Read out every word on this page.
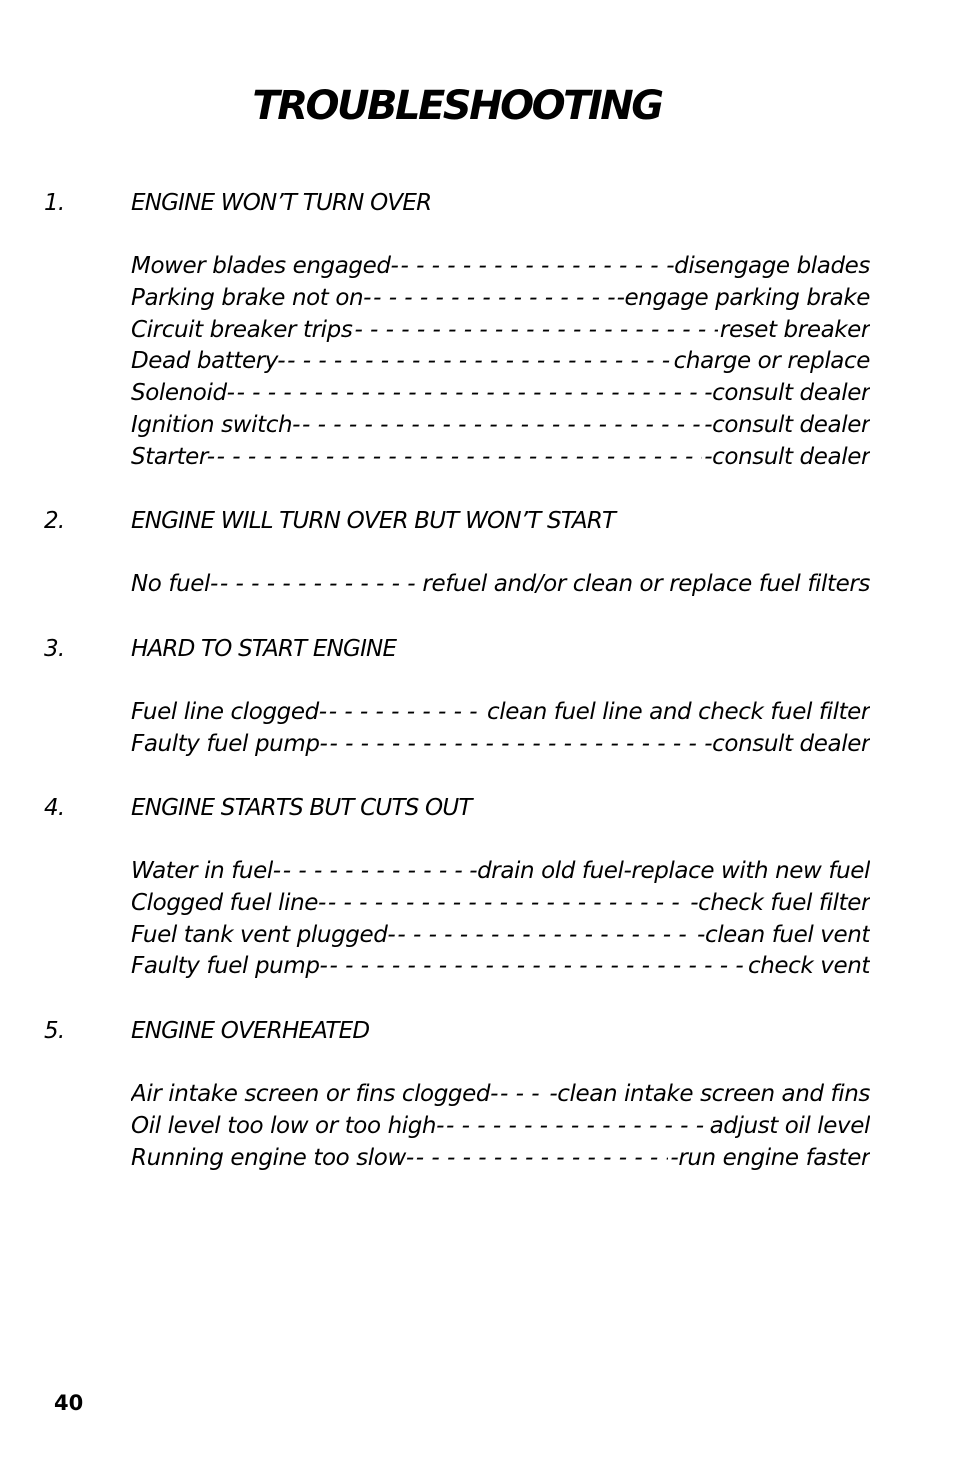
TROUBLESHOOTING
1.	ENGINE WON’T TURN OVER
Mower blades engaged- - - -	-disengage blades
Parking brake not on- - - -	-engage parking brake
Circuit breaker trips - - -	reset breaker
Dead battery- - - -	charge or replace
Solenoid- - - -	-consult dealer
Ignition switch- - - -	-consult dealer
Starter- - - -	-consult dealer
2.	ENGINE WILL TURN OVER BUT WON’T START
No fuel- - - -	refuel and/or clean or replace fuel filters
3.	HARD TO START ENGINE
Fuel line clogged- - - -	clean fuel line and check fuel filter
Faulty fuel pump- - - -	-consult dealer
4.	ENGINE STARTS BUT CUTS OUT
Water in fuel- - - -	-drain old fuel-replace with new fuel
Clogged fuel line- - - -	-check fuel filter
Fuel tank vent plugged- - - -	-clean fuel vent
Faulty fuel pump- - - -	check vent
5.	ENGINE OVERHEATED
Air intake screen or fins clogged- - - - -clean intake screen and fins
Oil level too low or too high- - - -	adjust oil level
Running engine too slow- - - -	-run engine faster
40
